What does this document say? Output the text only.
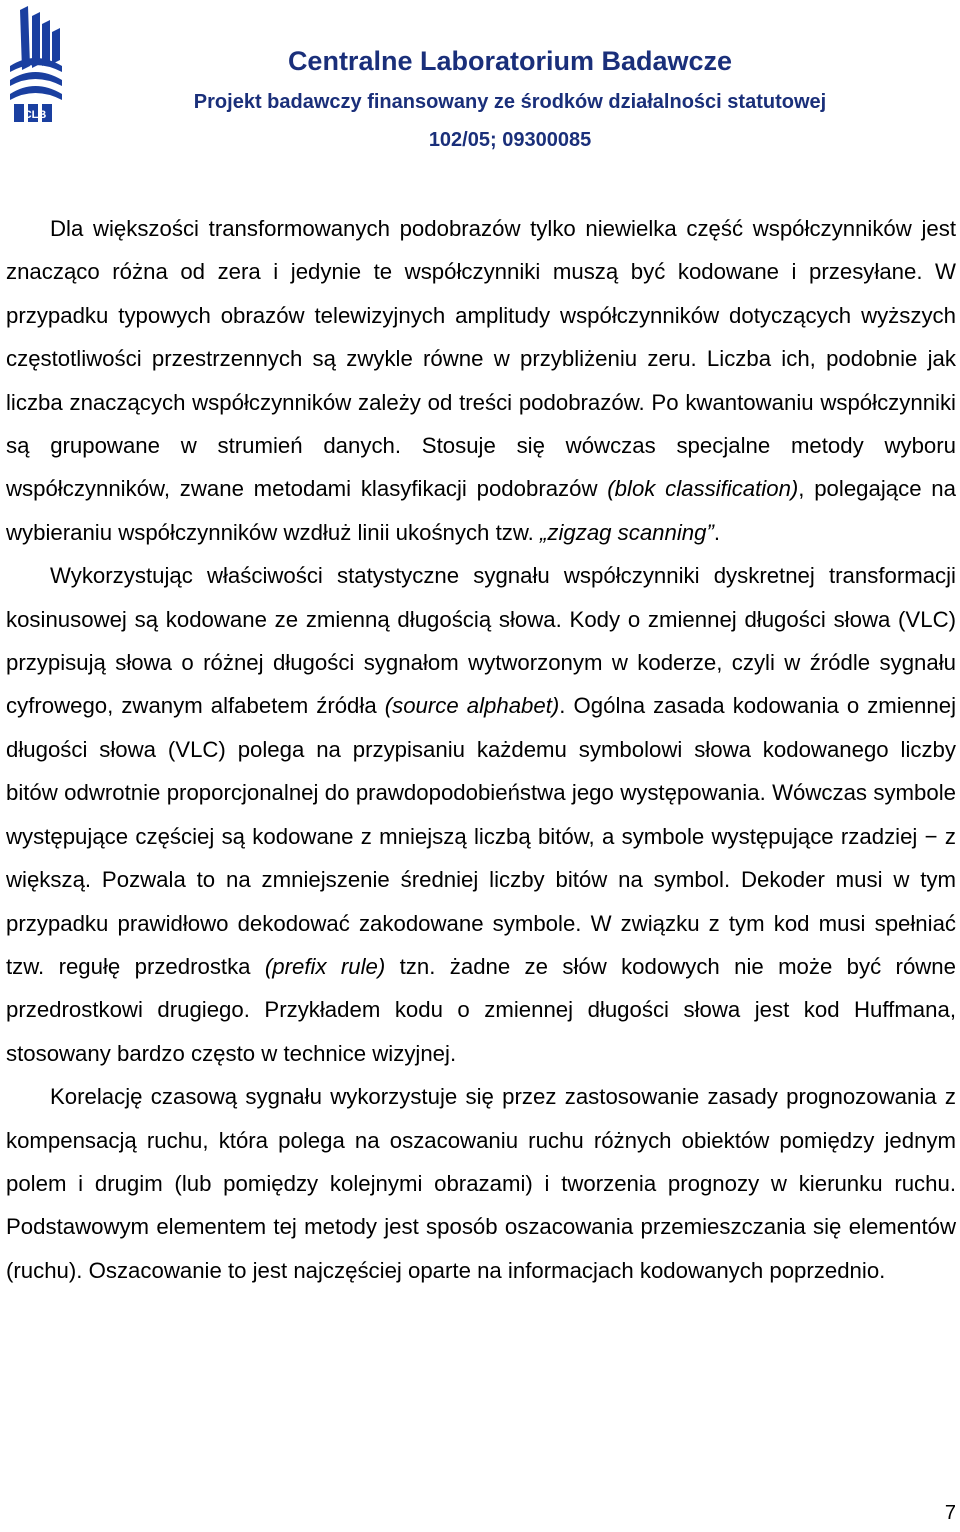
CLB
Centralne Laboratorium Badawcze
Projekt badawczy finansowany ze środków działalności statutowej
102/05; 09300085

Dla większości transformowanych podobrazów tylko niewielka część współczynników jest znacząco różna od zera i jedynie te współczynniki muszą być kodowane i przesyłane. W przypadku typowych obrazów telewizyjnych amplitudy współczynników dotyczących wyższych częstotliwości przestrzennych są zwykle równe w przybliżeniu zeru. Liczba ich, podobnie jak liczba znaczących współczynników zależy od treści podobrazów. Po kwantowaniu współczynniki są grupowane w strumień danych. Stosuje się wówczas specjalne metody wyboru współczynników, zwane metodami klasyfikacji podobrazów (blok classification), polegające na wybieraniu współczynników wzdłuż linii ukośnych tzw. „zigzag scanning”.

Wykorzystując właściwości statystyczne sygnału współczynniki dyskretnej transformacji kosinusowej są kodowane ze zmienną długością słowa. Kody o zmiennej długości słowa (VLC) przypisują słowa o różnej długości sygnałom wytworzonym w koderze, czyli w źródle sygnału cyfrowego, zwanym alfabetem źródła (source alphabet). Ogólna zasada kodowania o zmiennej długości słowa (VLC) polega na przypisaniu każdemu symbolowi słowa kodowanego liczby bitów odwrotnie proporcjonalnej do prawdopodobieństwa jego występowania. Wówczas symbole występujące częściej są kodowane z mniejszą liczbą bitów, a symbole występujące rzadziej − z większą. Pozwala to na zmniejszenie średniej liczby bitów na symbol. Dekoder musi w tym przypadku prawidłowo dekodować zakodowane symbole. W związku z tym kod musi spełniać tzw. regułę przedrostka (prefix rule) tzn. żadne ze słów kodowych nie może być równe przedrostkowi drugiego. Przykładem kodu o zmiennej długości słowa jest kod Huffmana, stosowany bardzo często w technice wizyjnej.

Korelację czasową sygnału wykorzystuje się przez zastosowanie zasady prognozowania z kompensacją ruchu, która polega na oszacowaniu ruchu różnych obiektów pomiędzy jednym polem i drugim (lub pomiędzy kolejnymi obrazami) i tworzenia prognozy w kierunku ruchu. Podstawowym elementem tej metody jest sposób oszacowania przemieszczania się elementów (ruchu). Oszacowanie to jest najczęściej oparte na informacjach kodowanych poprzednio.

7
